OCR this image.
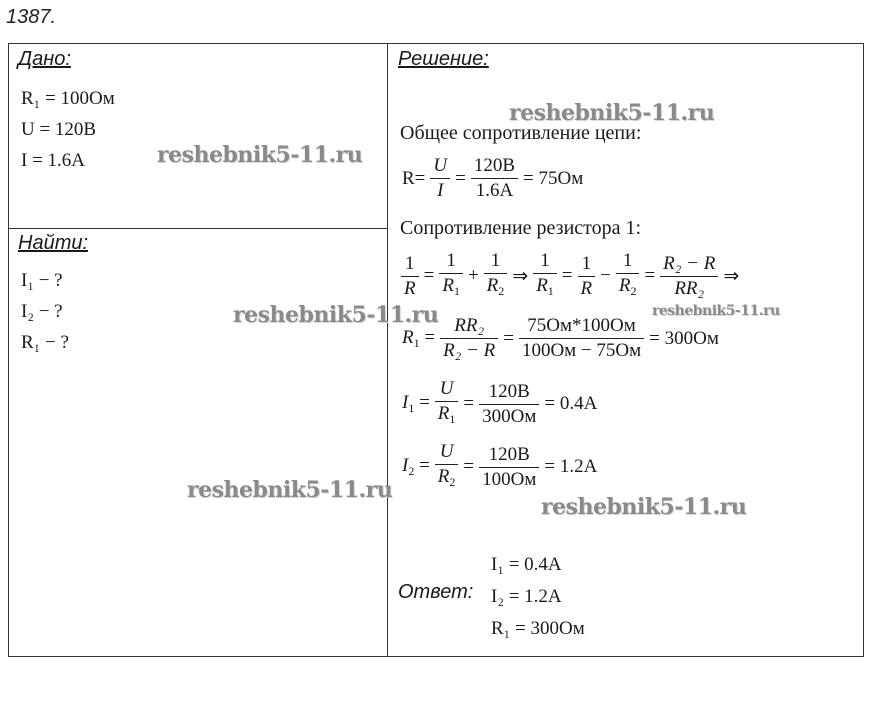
1387.
Дано:
R₁ = 100Ом
U = 120В
I = 1.6A
Найти:
I₁ − ?
I₂ − ?
R₁ − ?
Решение:
Общее сопротивление цепи:
$R= \frac{U}{I} = \frac{120В}{1.6A} = 75Ом$
Сопротивление резистора 1:
$\frac{1}{R} = \frac{1}{R_1} + \frac{1}{R_2}$ ⇒ $\frac{1}{R_1} = \frac{1}{R} - \frac{1}{R_2} = \frac{\text{R₂ − R}}{\text{RR₂}}$ ⇒
$R_1 = \frac{\text{RR₂}}{\text{R₂ − R}} = \frac{75Ом*100Ом}{100Ом - 75Ом} = 300Ом$
$I_1 = \frac{U}{R_1} = \frac{120В}{300Ом} = 0.4A$
$I_2 = \frac{U}{R_2} = \frac{120В}{100Ом} = 1.2A$
Ответ:
I₁ = 0.4A
I₂ = 1.2A
R₁ = 300Ом
reshebnik5-11.ru
reshebnik5-11.ru
reshebnik5-11.ru	reshebnik5-11.ru
reshebnik5-11.ru
reshebnik5-11.ru
